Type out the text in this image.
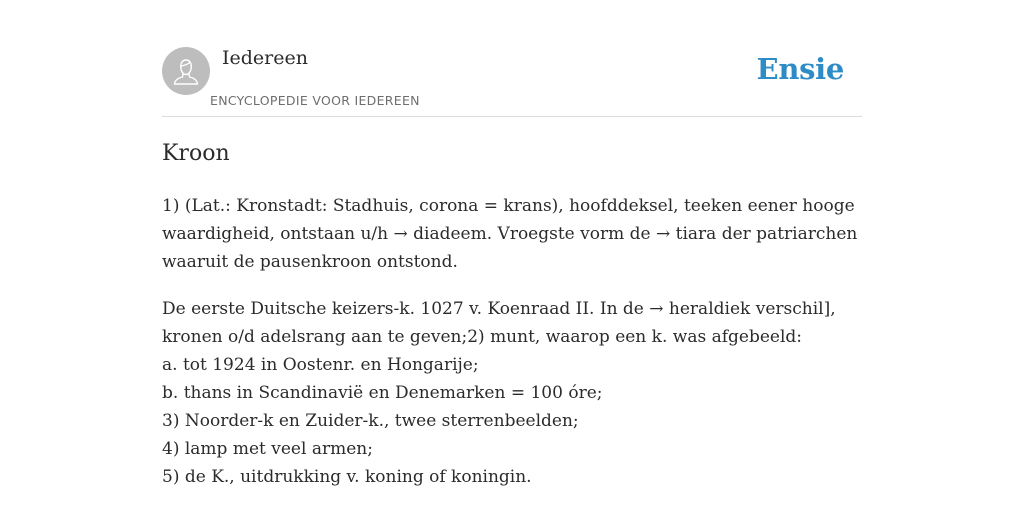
Iedereen
ENCYCLOPEDIE VOOR IEDEREEN
Ensie
Kroon

1) (Lat.: Kronstadt: Stadhuis, corona = krans), hoofddeksel, teeken eener hooge
waardigheid, ontstaan u/h → diadeem. Vroegste vorm de → tiara der patriarchen
waaruit de pausenkroon ontstond.

De eerste Duitsche keizers-k. 1027 v. Koenraad II. In de → heraldiek verschil],
kronen o/d adelsrang aan te geven;2) munt, waarop een k. was afgebeeld:
a. tot 1924 in Oostenr. en Hongarije;
b. thans in Scandinavië en Denemarken = 100 óre;
3) Noorder-k en Zuider-k., twee sterrenbeelden;
4) lamp met veel armen;
5) de K., uitdrukking v. koning of koningin.
